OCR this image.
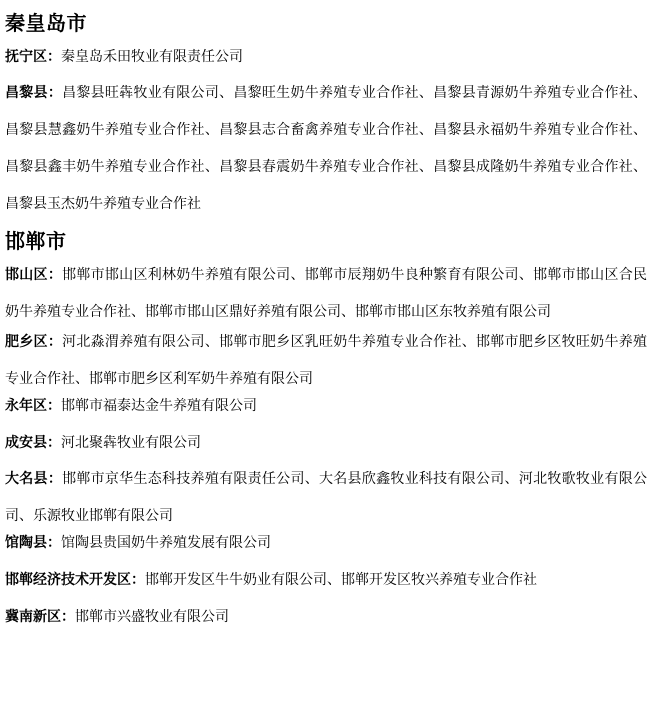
秦皇岛市

抚宁区：秦皇岛禾田牧业有限责任公司

昌黎县：昌黎县旺犇牧业有限公司、昌黎旺生奶牛养殖专业合作社、昌黎县青源奶牛养殖专业合作社、昌黎县慧鑫奶牛养殖专业合作社、昌黎县志合畜禽养殖专业合作社、昌黎县永福奶牛养殖专业合作社、昌黎县鑫丰奶牛养殖专业合作社、昌黎县春震奶牛养殖专业合作社、昌黎县成隆奶牛养殖专业合作社、昌黎县玉杰奶牛养殖专业合作社

邯郸市

邯山区：邯郸市邯山区利林奶牛养殖有限公司、邯郸市辰翔奶牛良种繁育有限公司、邯郸市邯山区合民奶牛养殖专业合作社、邯郸市邯山区鼎好养殖有限公司、邯郸市邯山区东牧养殖有限公司

肥乡区：河北淼渭养殖有限公司、邯郸市肥乡区乳旺奶牛养殖专业合作社、邯郸市肥乡区牧旺奶牛养殖专业合作社、邯郸市肥乡区利军奶牛养殖有限公司

永年区：邯郸市福泰达金牛养殖有限公司

成安县：河北聚犇牧业有限公司

大名县：邯郸市京华生态科技养殖有限责任公司、大名县欣鑫牧业科技有限公司、河北牧歌牧业有限公司、乐源牧业邯郸有限公司

馆陶县：馆陶县贵国奶牛养殖发展有限公司

邯郸经济技术开发区：邯郸开发区牛牛奶业有限公司、邯郸开发区牧兴养殖专业合作社

冀南新区：邯郸市兴盛牧业有限公司
